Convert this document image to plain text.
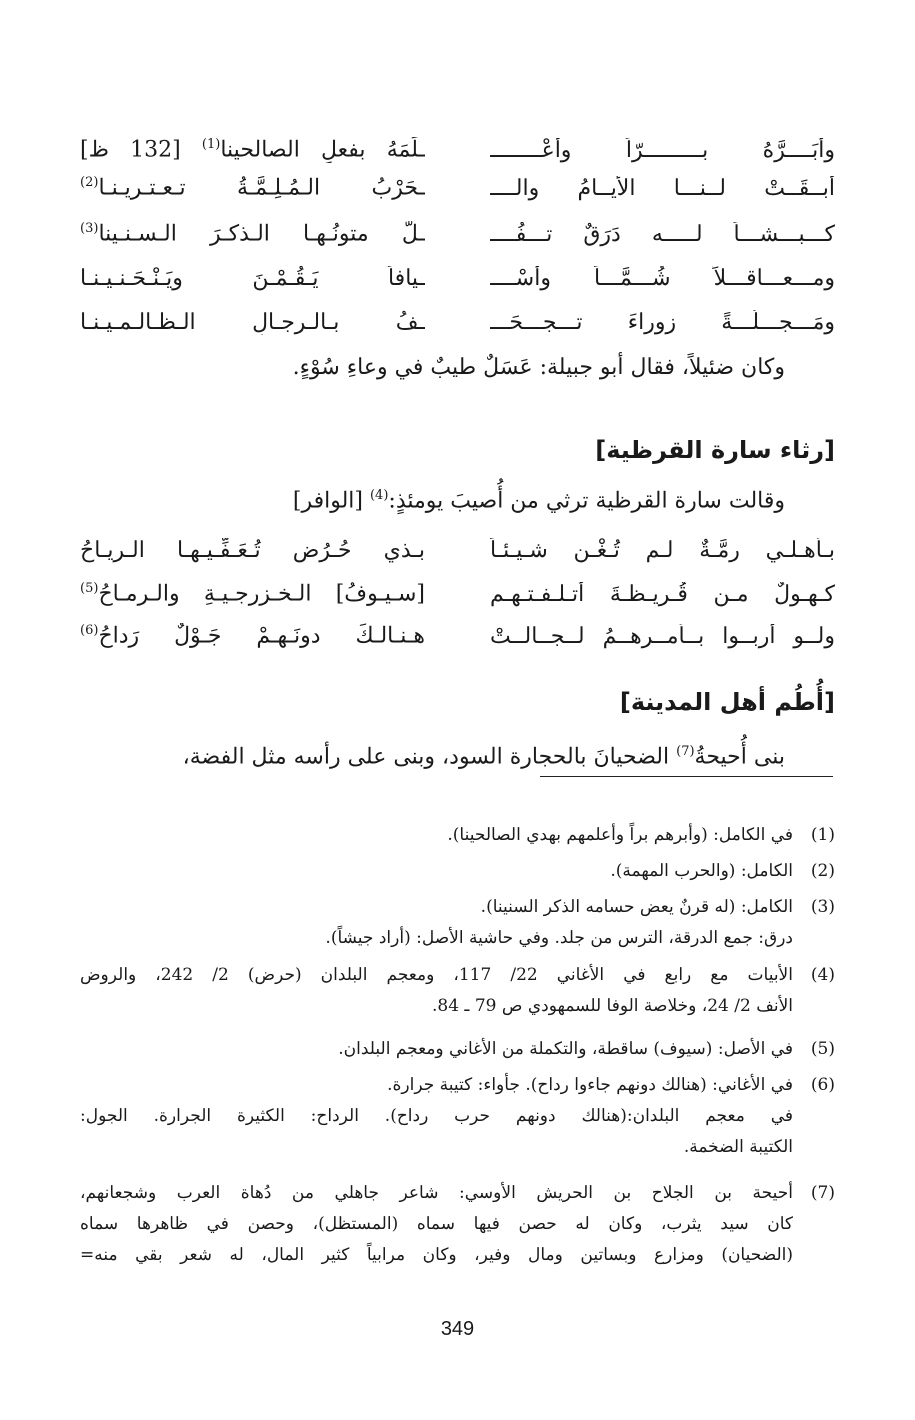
وأبَــــرَّهُ بـــــــــرّاً وأعْــــــــ
ـلَمَهُ بفعلِ الصالحينا$^{(1)}$ [132 ظ]
أبــقَــتْ لــنـــا الأيــامُ والــــ
ـحَرْبُ الـمُـلِـمَّـةُ تـعـتـريـنـا$^{(2)}$
كـــبـــشـــاً لـــــه دَرَقٌ تـــفُــــ
ـلُّ متونُـهـا الـذكـرَ الـسـنـينا$^{(3)}$
ومـــعـــاقـــلاً شُـــمَّـــاً وأسْــــ
ـيافاً يَـقُـمْـنَ ويَـنْـحَـنـيـنـا
ومَـــجـــلَّـــةً زوراءَ تـــجـــحَـــ
ـفُ بـالـرجـالِ الـظـالـمـيـنـا
وكان ضئيلاً، فقال أبو جبيلة: عَسَلٌ طيبٌ في وعاءِ سُوْءٍ.
[رثاء سارة القرظية]
وقالت سارة القرظية ترثي من أُصيبَ يومئذٍ:$^{(4)}$ [الوافر]
بـأهـلـي رِمَّـةٌ لـم تُـغْـنِ شـيـئـاً
بـذي حُـرُضٍ تُـعَـفِّـيـهـا الـريـاحُ
كـهـولٌ مـن قُـريـظـةَ أتـلـفـتـهـم
[سـيـوفُ] الـخـزرجـيـةِ والـرمـاحُ$^{(5)}$
ولــو أربــوا بــأمــرهــمُ لــجــالــتْ
هـنـالـكَ دونَـهـمْ جَـوْلٌ رَداحُ$^{(6)}$
[أُطُم أهل المدينة]
بنى أُحيحةُ$^{(7)}$ الضحيانَ بالحجارة السود، وبنى على رأسه مثل الفضة،
(1)
في الكامل: (وأبرهم براً وأعلمهم بهدي الصالحينا).
(2)
الكامل: (والحرب المهمة).
(3)
الكامل: (له قرنٌ يعض حسامه الذكر السنينا).
درق: جمع الدرقة، الترس من جلد. وفي حاشية الأصل: (أراد جيشاً).
(4)
الأبيات مع رابع في الأغاني 22/ 117، ومعجم البلدان (حرض) 2/ 242، والروض
الأنف 2/ 24، وخلاصة الوفا للسمهودي ص 79 ـ 84.
(5)
في الأصل: (سيوف) ساقطة، والتكملة من الأغاني ومعجم البلدان.
(6)
في الأغاني: (هنالك دونهم جاءوا رداح). جأواء: كتيبة جرارة.
في معجم البلدان:(هنالك دونهم حرب رداح). الرداح: الكثيرة الجرارة. الجول:
الكتيبة الضخمة.
(7)
أحيحة بن الجلاح بن الحريش الأوسي: شاعر جاهلي من دُهاة العرب وشجعانهم،
كان سيد يثرب، وكان له حصن فيها سماه (المستظل)، وحصن في ظاهرها سماه
(الضحيان) ومزارع وبساتين ومال وفير، وكان مرابياً كثير المال، له شعر بقي منه=
349
